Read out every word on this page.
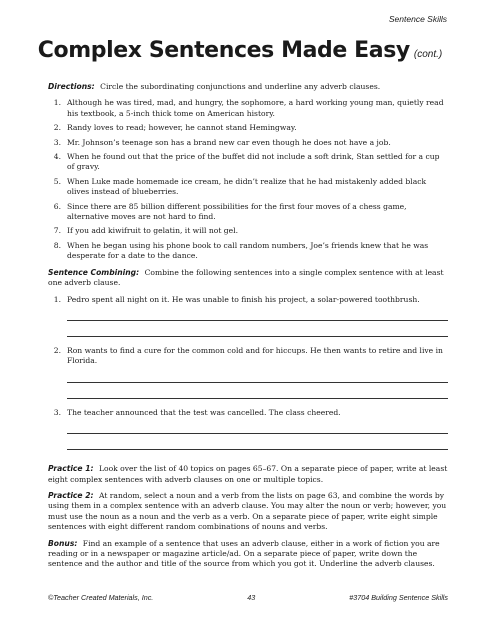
Sentence Skills
Complex Sentences Made Easy (cont.)

Directions: Circle the subordinating conjunctions and underline any adverb clauses.

1. Although he was tired, mad, and hungry, the sophomore, a hard working young man, quietly read his textbook, a 5-inch thick tome on American history.
2. Randy loves to read; however, he cannot stand Hemingway.
3. Mr. Johnson’s teenage son has a brand new car even though he does not have a job.
4. When he found out that the price of the buffet did not include a soft drink, Stan settled for a cup of gravy.
5. When Luke made homemade ice cream, he didn’t realize that he had mistakenly added black olives instead of blueberries.
6. Since there are 85 billion different possibilities for the first four moves of a chess game, alternative moves are not hard to find.
7. If you add kiwifruit to gelatin, it will not gel.
8. When he began using his phone book to call random numbers, Joe’s friends knew that he was desperate for a date to the dance.

Sentence Combining: Combine the following sentences into a single complex sentence with at least one adverb clause.

1. Pedro spent all night on it. He was unable to finish his project, a solar-powered toothbrush.
2. Ron wants to find a cure for the common cold and for hiccups. He then wants to retire and live in Florida.
3. The teacher announced that the test was cancelled. The class cheered.

Practice 1: Look over the list of 40 topics on pages 65–67. On a separate piece of paper, write at least eight complex sentences with adverb clauses on one or multiple topics.

Practice 2: At random, select a noun and a verb from the lists on page 63, and combine the words by using them in a complex sentence with an adverb clause. You may alter the noun or verb; however, you must use the noun as a noun and the verb as a verb. On a separate piece of paper, write eight simple sentences with eight different random combinations of nouns and verbs.

Bonus: Find an example of a sentence that uses an adverb clause, either in a work of fiction you are reading or in a newspaper or magazine article/ad. On a separate piece of paper, write down the sentence and the author and title of the source from which you got it. Underline the adverb clauses.

©Teacher Created Materials, Inc.	43	#3704 Building Sentence Skills
